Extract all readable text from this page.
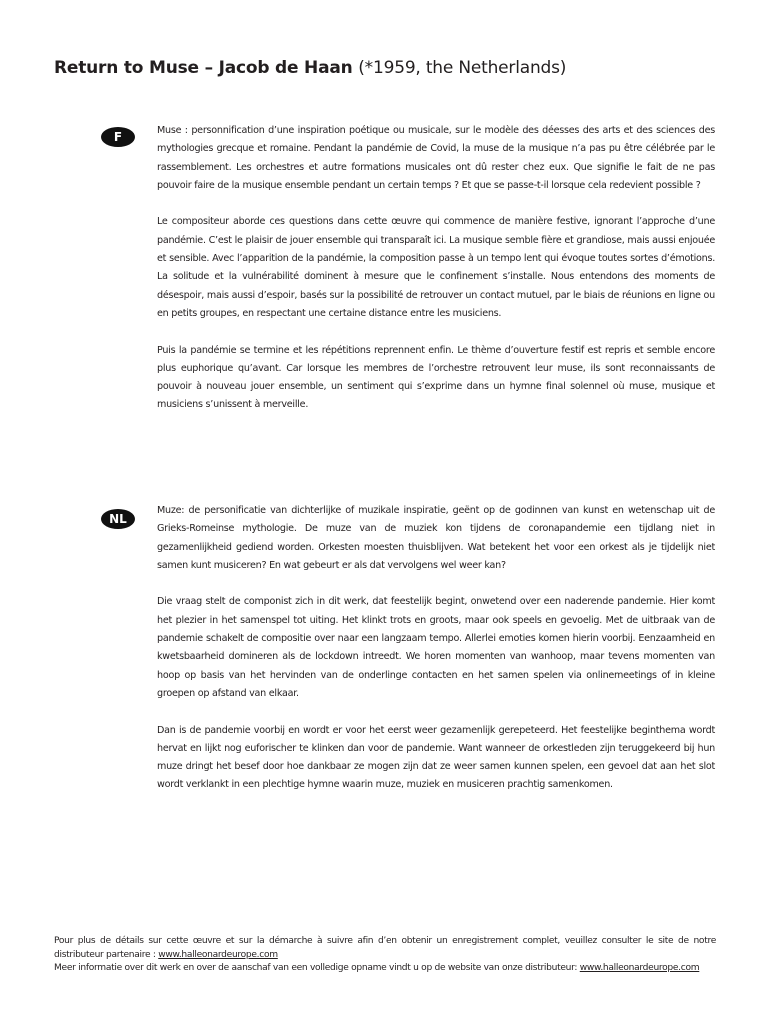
Return to Muse – Jacob de Haan (*1959, the Netherlands)
F	Muse : personnification d’une inspiration poétique ou musicale, sur le modèle des déesses des arts et des sciences des mythologies grecque et romaine. Pendant la pandémie de Covid, la muse de la musique n’a pas pu être célébrée par le rassemblement. Les orchestres et autre formations musicales ont dû rester chez eux. Que signifie le fait de ne pas pouvoir faire de la musique ensemble pendant un certain temps ? Et que se passe-t-il lorsque cela redevient possible ?

Le compositeur aborde ces questions dans cette œuvre qui commence de manière festive, ignorant l’approche d’une pandémie. C’est le plaisir de jouer ensemble qui transparaît ici. La musique semble fière et grandiose, mais aussi enjouée et sensible. Avec l’apparition de la pandémie, la composition passe à un tempo lent qui évoque toutes sortes d’émotions. La solitude et la vulnérabilité dominent à mesure que le confinement s’installe. Nous entendons des moments de désespoir, mais aussi d’espoir, basés sur la possibilité de retrouver un contact mutuel, par le biais de réunions en ligne ou en petits groupes, en respectant une certaine distance entre les musiciens.

Puis la pandémie se termine et les répétitions reprennent enfin. Le thème d’ouverture festif est repris et semble encore plus euphorique qu’avant. Car lorsque les membres de l’orchestre retrouvent leur muse, ils sont reconnaissants de pouvoir à nouveau jouer ensemble, un sentiment qui s’exprime dans un hymne final solennel où muse, musique et musiciens s’unissent à merveille.

NL

Muze: de personificatie van dichterlijke of muzikale inspiratie, geënt op de godinnen van kunst en wetenschap uit de Grieks-Romeinse mythologie. De muze van de muziek kon tijdens de coronapandemie een tijdlang niet in gezamenlijkheid gediend worden. Orkesten moesten thuisblijven. Wat betekent het voor een orkest als je tijdelijk niet samen kunt musiceren? En wat gebeurt er als dat vervolgens wel weer kan?

Die vraag stelt de componist zich in dit werk, dat feestelijk begint, onwetend over een naderende pandemie. Hier komt het plezier in het samenspel tot uiting. Het klinkt trots en groots, maar ook speels en gevoelig. Met de uitbraak van de pandemie schakelt de compositie over naar een langzaam tempo. Allerlei emoties komen hierin voorbij. Eenzaamheid en kwetsbaarheid domineren als de lockdown intreedt. We horen momenten van wanhoop, maar tevens momenten van hoop op basis van het hervinden van de onderlinge contacten en het samen spelen via onlinemeetings of in kleine groepen op afstand van elkaar.

Dan is de pandemie voorbij en wordt er voor het eerst weer gezamenlijk gerepeteerd. Het feestelijke beginthema wordt hervat en lijkt nog euforischer te klinken dan voor de pandemie. Want wanneer de orkestleden zijn teruggekeerd bij hun muze dringt het besef door hoe dankbaar ze mogen zijn dat ze weer samen kunnen spelen, een gevoel dat aan het slot wordt verklankt in een plechtige hymne waarin muze, muziek en musiceren prachtig samenkomen.

Pour plus de détails sur cette œuvre et sur la démarche à suivre afin d’en obtenir un enregistrement complet, veuillez consulter le site de notre distributeur partenaire : www.halleonardeurope.com

Meer informatie over dit werk en over de aanschaf van een volledige opname vindt u op de website van onze distributeur: www.halleonardeurope.com
